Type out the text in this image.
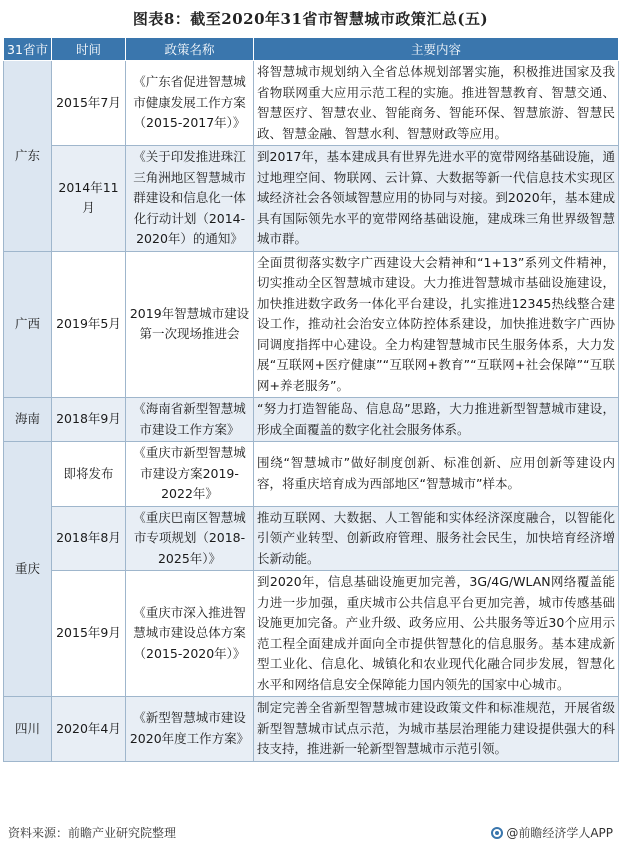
图表8：截至2020年31省市智慧城市政策汇总(五)
31省市	时间	政策名称	主要内容
广东	2015年7月	《广东省促进智慧城市健康发展工作方案（2015-2017年）》	将智慧城市规划纳入全省总体规划部署实施，积极推进国家及我省物联网重大应用示范工程的实施。推进智慧教育、智慧交通、智慧医疗、智慧农业、智能商务、智能环保、智慧旅游、智慧民政、智慧金融、智慧水利、智慧财政等应用。
	2014年11月	《关于印发推进珠江三角洲地区智慧城市群建设和信息化一体化行动计划（2014-2020年）的通知》	到2017年，基本建成具有世界先进水平的宽带网络基础设施，通过地理空间、物联网、云计算、大数据等新一代信息技术实现区域经济社会各领域智慧应用的协同与对接。到2020年，基本建成具有国际领先水平的宽带网络基础设施，建成珠三角世界级智慧城市群。
广西	2019年5月	2019年智慧城市建设第一次现场推进会	全面贯彻落实数字广西建设大会精神和“1+13”系列文件精神，切实推动全区智慧城市建设。大力推进智慧城市基础设施建设，加快推进数字政务一体化平台建设，扎实推进12345热线整合建设工作，推动社会治安立体防控体系建设，加快推进数字广西协同调度指挥中心建设。全力构建智慧城市民生服务体系，大力发展“互联网+医疗健康”“互联网+教育”“互联网+社会保障”“互联网+养老服务”。
海南	2018年9月	《海南省新型智慧城市建设工作方案》	“努力打造智能岛、信息岛”思路，大力推进新型智慧城市建设，形成全面覆盖的数字化社会服务体系。
重庆	即将发布	《重庆市新型智慧城市建设方案2019-2022年》	围绕“智慧城市”做好制度创新、标准创新、应用创新等建设内容，将重庆培育成为西部地区“智慧城市”样本。
	2018年8月	《重庆巴南区智慧城市专项规划（2018-2025年）》	推动互联网、大数据、人工智能和实体经济深度融合，以智能化引领产业转型、创新政府管理、服务社会民生，加快培育经济增长新动能。
	2015年9月	《重庆市深入推进智慧城市建设总体方案（2015-2020年）》	到2020年，信息基础设施更加完善，3G/4G/WLAN网络覆盖能力进一步加强，重庆城市公共信息平台更加完善，城市传感基础设施更加完备。产业升级、政务应用、公共服务等近30个应用示范工程全面建成并面向全市提供智慧化的信息服务。基本建成新型工业化、信息化、城镇化和农业现代化融合同步发展，智慧化水平和网络信息安全保障能力国内领先的国家中心城市。
四川	2020年4月	《新型智慧城市建设2020年度工作方案》	制定完善全省新型智慧城市建设政策文件和标准规范，开展省级新型智慧城市试点示范，为城市基层治理能力建设提供强大的科技支持，推进新一轮新型智慧城市示范引领。
资料来源：前瞻产业研究院整理	@前瞻经济学人APP
